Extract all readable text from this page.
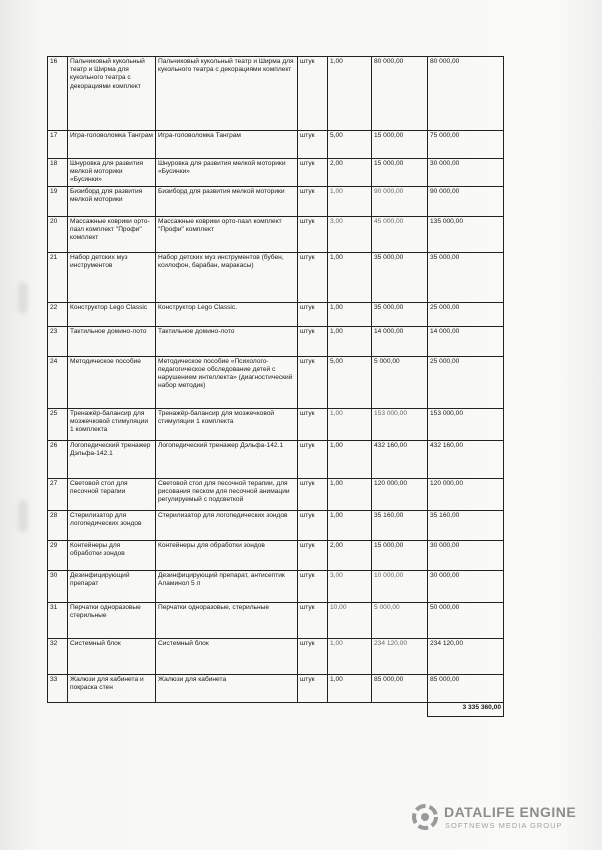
16	Пальчиковый кукольный театр и Ширма для кукольного театра с декорациями комплект	Пальчиковый кукольный театр и Ширма для кукольного театра с декорациями комплект	штук	1,00	80 000,00	80 000,00
17	Игра-головоломка Танграм	Игра-головоломка Танграм	штук	5,00	15 000,00	75 000,00
18	Шнуровка для развития мелкой моторики «Бусинки»	Шнуровка для развития мелкой моторики «Бусинки»	штук	2,00	15 000,00	30 000,00
19	Бизиборд для развития мелкой моторики	Бизиборд для развития мелкой моторики	штук	1,00	90 000,00	90 000,00
20	Массажные коврики орто-пазл комплект "Профи" комплект	Массажные коврики орто-пазл комплект "Профи" комплект	штук	3,00	45 000,00	135 000,00
21	Набор детских муз инструментов	Набор детских муз инструментов (бубен, ксилофон, барабан, маракасы)	штук	1,00	35 000,00	35 000,00
22	Конструктор Lego Classic	Конструктор Lego Classic.	штук	1,00	35 000,00	25 000,00
23	Тактильное домино-лото	Тактильное домино-лото	штук	1,00	14 000,00	14 000,00
24	Методическое пособие	Методическое пособие «Психолого-педагогическое обследование детей с нарушением интеллекта» (диагностический набор методик)	штук	5,00	5 000,00	25 000,00
25	Тренажёр-балансир для мозжечковой стимуляции 1 комплекта	Тренажёр-балансир для мозжечковой стимуляции 1 комплекта	штук	1,00	153 000,00	153 000,00
26	Логопедический тренажер Дэльфа-142.1	Логопедический тренажер Дэльфа-142.1	штук	1,00	432 160,00	432 160,00
27	Световой стол для песочной терапии	Световой стол для песочной терапии, для рисования песком для песочной анимации регулируемый с подсветкой	штук	1,00	120 000,00	120 000,00
28	Стерилизатор для логопедических зондов	Стерилизатор для логопедических зондов	штук	1,00	35 160,00	35 160,00
29	Контейнеры для обработки зондов	Контейнеры для обработки зондов	штук	2,00	15 000,00	30 000,00
30	Дезинфицирующий препарат	Дезинфицирующий препарат, антисептик Аламинол 5 л	штук	3,00	10 000,00	30 000,00
31	Перчатки одноразовые стерильные	Перчатки одноразовые, стерильные	штук	10,00	5 000,00	50 000,00
32	Системный блок	Системный блок	штук	1,00	234 120,00	234 120,00
33	Жалюзи для кабинета и покраска стен	Жалюзи для кабинета	штук	1,00	85 000,00	85 000,00
						3 335 360,00
DATALIFE ENGINE
SOFTNEWS MEDIA GROUP
